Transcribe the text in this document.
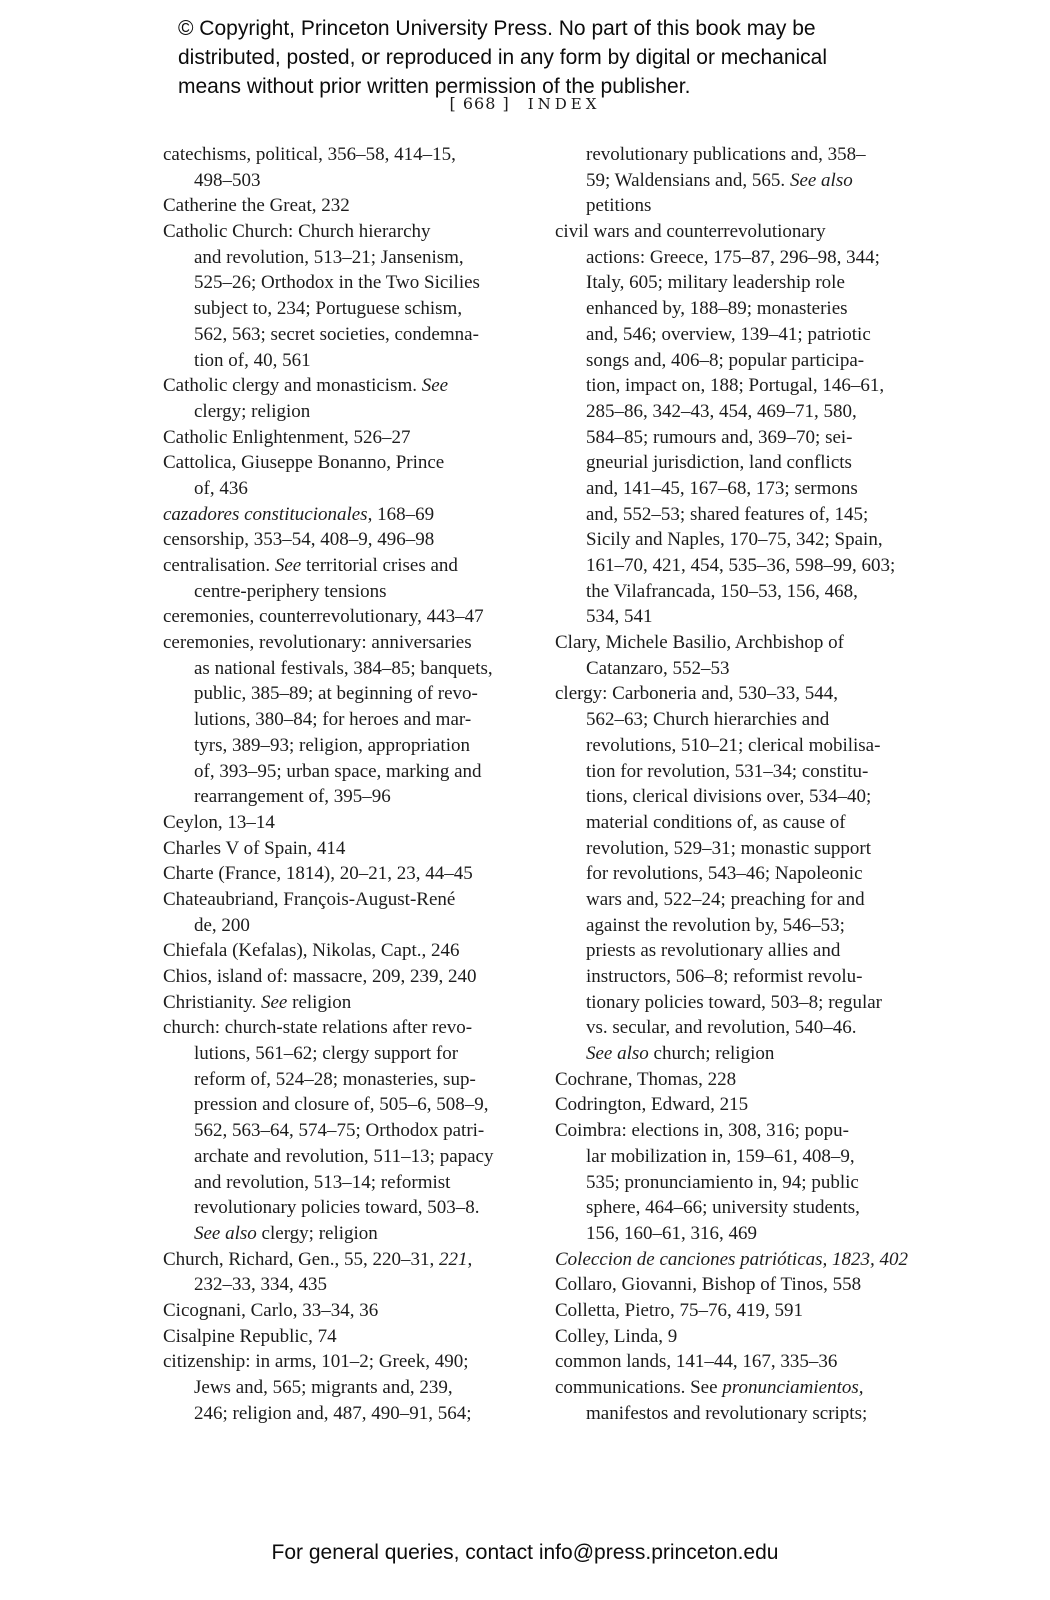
© Copyright, Princeton University Press. No part of this book may be
distributed, posted, or reproduced in any form by digital or mechanical
means without prior written permission of the publisher.
[ 668 ] INDEX
catechisms, political, 356–58, 414–15,
498–503
Catherine the Great, 232
Catholic Church: Church hierarchy
and revolution, 513–21; Jansenism,
525–26; Orthodox in the Two Sicilies
subject to, 234; Portuguese schism,
562, 563; secret societies, condemna-
tion of, 40, 561
Catholic clergy and monasticism. See
clergy; religion
Catholic Enlightenment, 526–27
Cattolica, Giuseppe Bonanno, Prince
of, 436
cazadores constitucionales, 168–69
censorship, 353–54, 408–9, 496–98
centralisation. See territorial crises and
centre-periphery tensions
ceremonies, counterrevolutionary, 443–47
ceremonies, revolutionary: anniversaries
as national festivals, 384–85; banquets,
public, 385–89; at beginning of revo-
lutions, 380–84; for heroes and mar-
tyrs, 389–93; religion, appropriation
of, 393–95; urban space, marking and
rearrangement of, 395–96
Ceylon, 13–14
Charles V of Spain, 414
Charte (France, 1814), 20–21, 23, 44–45
Chateaubriand, François-August-René
de, 200
Chiefala (Kefalas), Nikolas, Capt., 246
Chios, island of: massacre, 209, 239, 240
Christianity. See religion
church: church-state relations after revo-
lutions, 561–62; clergy support for
reform of, 524–28; monasteries, sup-
pression and closure of, 505–6, 508–9,
562, 563–64, 574–75; Orthodox patri-
archate and revolution, 511–13; papacy
and revolution, 513–14; reformist
revolutionary policies toward, 503–8.
See also clergy; religion
Church, Richard, Gen., 55, 220–31, 221,
232–33, 334, 435
Cicognani, Carlo, 33–34, 36
Cisalpine Republic, 74
citizenship: in arms, 101–2; Greek, 490;
Jews and, 565; migrants and, 239,
246; religion and, 487, 490–91, 564;
revolutionary publications and, 358–
59; Waldensians and, 565. See also
petitions
civil wars and counterrevolutionary
actions: Greece, 175–87, 296–98, 344;
Italy, 605; military leadership role
enhanced by, 188–89; monasteries
and, 546; overview, 139–41; patriotic
songs and, 406–8; popular participa-
tion, impact on, 188; Portugal, 146–61,
285–86, 342–43, 454, 469–71, 580,
584–85; rumours and, 369–70; sei-
gneurial jurisdiction, land conflicts
and, 141–45, 167–68, 173; sermons
and, 552–53; shared features of, 145;
Sicily and Naples, 170–75, 342; Spain,
161–70, 421, 454, 535–36, 598–99, 603;
the Vilafrancada, 150–53, 156, 468,
534, 541
Clary, Michele Basilio, Archbishop of
Catanzaro, 552–53
clergy: Carboneria and, 530–33, 544,
562–63; Church hierarchies and
revolutions, 510–21; clerical mobilisa-
tion for revolution, 531–34; constitu-
tions, clerical divisions over, 534–40;
material conditions of, as cause of
revolution, 529–31; monastic support
for revolutions, 543–46; Napoleonic
wars and, 522–24; preaching for and
against the revolution by, 546–53;
priests as revolutionary allies and
instructors, 506–8; reformist revolu-
tionary policies toward, 503–8; regular
vs. secular, and revolution, 540–46.
See also church; religion
Cochrane, Thomas, 228
Codrington, Edward, 215
Coimbra: elections in, 308, 316; popu-
lar mobilization in, 159–61, 408–9,
535; pronunciamiento in, 94; public
sphere, 464–66; university students,
156, 160–61, 316, 469
Coleccion de canciones patrióticas, 1823, 402
Collaro, Giovanni, Bishop of Tinos, 558
Colletta, Pietro, 75–76, 419, 591
Colley, Linda, 9
common lands, 141–44, 167, 335–36
communications. See pronunciamientos,
manifestos and revolutionary scripts;
For general queries, contact info@press.princeton.edu
